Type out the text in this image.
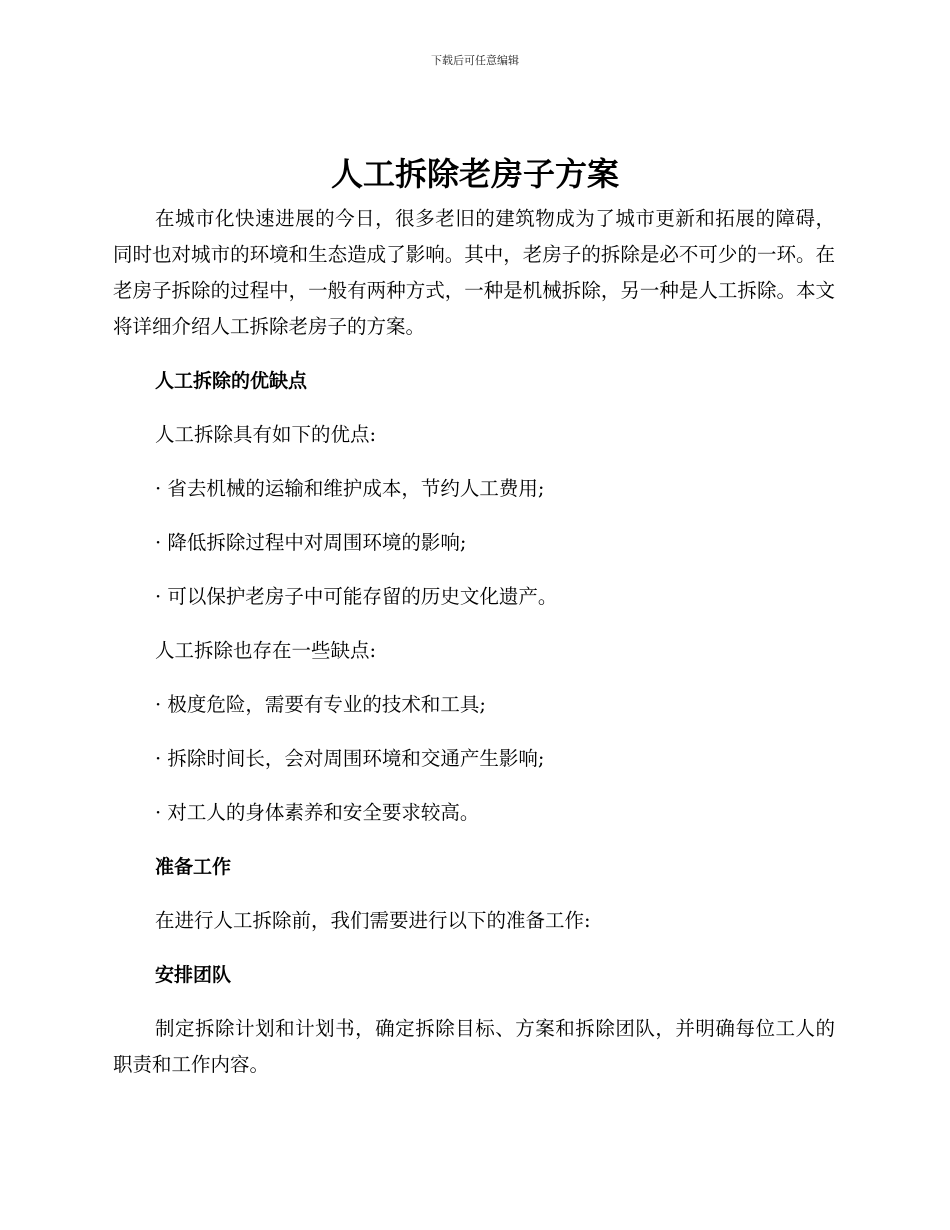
下载后可任意编辑
人工拆除老房子方案

在城市化快速进展的今日，很多老旧的建筑物成为了城市更新和拓展的障碍，同时也对城市的环境和生态造成了影响。其中，老房子的拆除是必不可少的一环。在老房子拆除的过程中，一般有两种方式，一种是机械拆除，另一种是人工拆除。本文将详细介绍人工拆除老房子的方案。

人工拆除的优缺点

人工拆除具有如下的优点:

· 省去机械的运输和维护成本，节约人工费用;

· 降低拆除过程中对周围环境的影响;

· 可以保护老房子中可能存留的历史文化遗产。

人工拆除也存在一些缺点:

· 极度危险，需要有专业的技术和工具;

· 拆除时间长，会对周围环境和交通产生影响;

· 对工人的身体素养和安全要求较高。

准备工作

在进行人工拆除前，我们需要进行以下的准备工作:

安排团队

制定拆除计划和计划书，确定拆除目标、方案和拆除团队，并明确每位工人的职责和工作内容。
